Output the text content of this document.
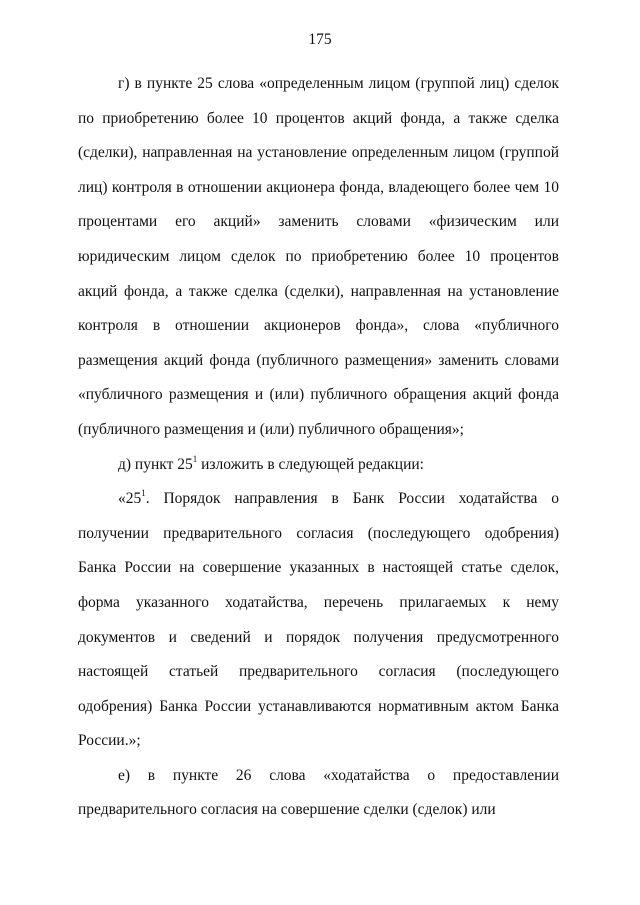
175

г) в пункте 25 слова «определенным лицом (группой лиц) сделок по приобретению более 10 процентов акций фонда, а также сделка (сделки), направленная на установление определенным лицом (группой лиц) контроля в отношении акционера фонда, владеющего более чем 10 процентами его акций» заменить словами «физическим или юридическим лицом сделок по приобретению более 10 процентов акций фонда, а также сделка (сделки), направленная на установление контроля в отношении акционеров фонда», слова «публичного размещения акций фонда (публичного размещения» заменить словами «публичного размещения и (или) публичного обращения акций фонда (публичного размещения и (или) публичного обращения»;

д) пункт $25^1$ изложить в следующей редакции:

«$25^1$. Порядок направления в Банк России ходатайства о получении предварительного согласия (последующего одобрения) Банка России на совершение указанных в настоящей статье сделок, форма указанного ходатайства, перечень прилагаемых к нему документов и сведений и порядок получения предусмотренного настоящей статьей предварительного согласия (последующего одобрения) Банка России устанавливаются нормативным актом Банка России.»;

е) в пункте 26 слова «ходатайства о предоставлении предварительного согласия на совершение сделки (сделок) или
